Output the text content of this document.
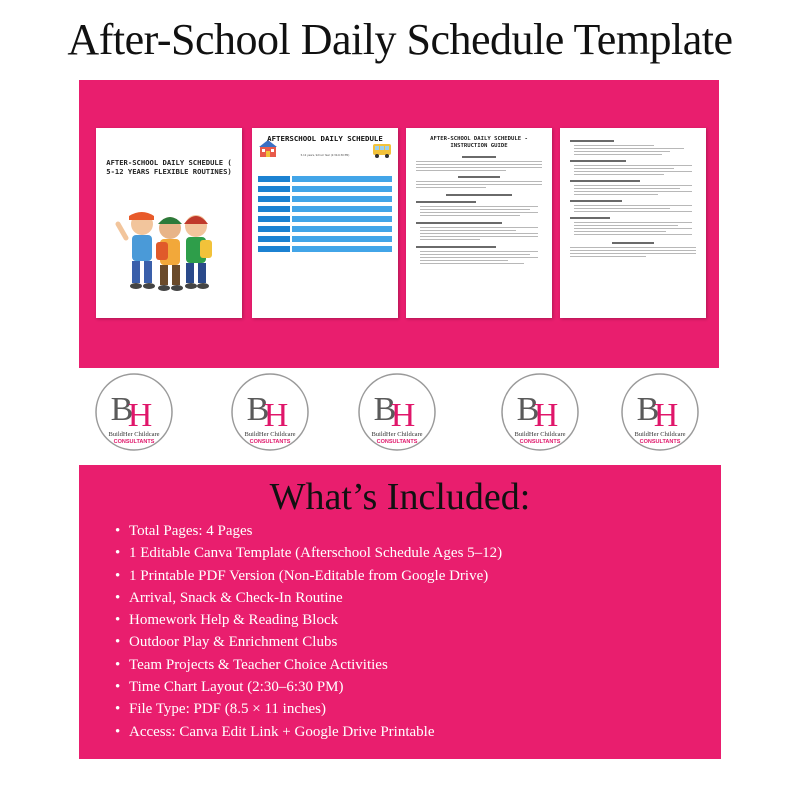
After-School Daily Schedule Template
AFTER-SCHOOL DAILY SCHEDULE ( 5-12 YEARS FLEXIBLE ROUTINES)
AFTERSCHOOL DAILY SCHEDULE
5-12 years, School Year (2:30-6:30 PM)
AFTER-SCHOOL DAILY SCHEDULE - INSTRUCTION GUIDE
B
H
BuildHer Childcare
CONSULTANTS
B
H
BuildHer Childcare
CONSULTANTS
B
H
BuildHer Childcare
CONSULTANTS
B
H
BuildHer Childcare
CONSULTANTS
B
H
BuildHer Childcare
CONSULTANTS
What’s Included:
• Total Pages: 4 Pages
• 1 Editable Canva Template (Afterschool Schedule Ages 5–12)
• 1 Printable PDF Version (Non-Editable from Google Drive)
• Arrival, Snack & Check-In Routine
• Homework Help & Reading Block
• Outdoor Play & Enrichment Clubs
• Team Projects & Teacher Choice Activities
• Time Chart Layout (2:30–6:30 PM)
• File Type: PDF (8.5 × 11 inches)
• Access: Canva Edit Link + Google Drive Printable
